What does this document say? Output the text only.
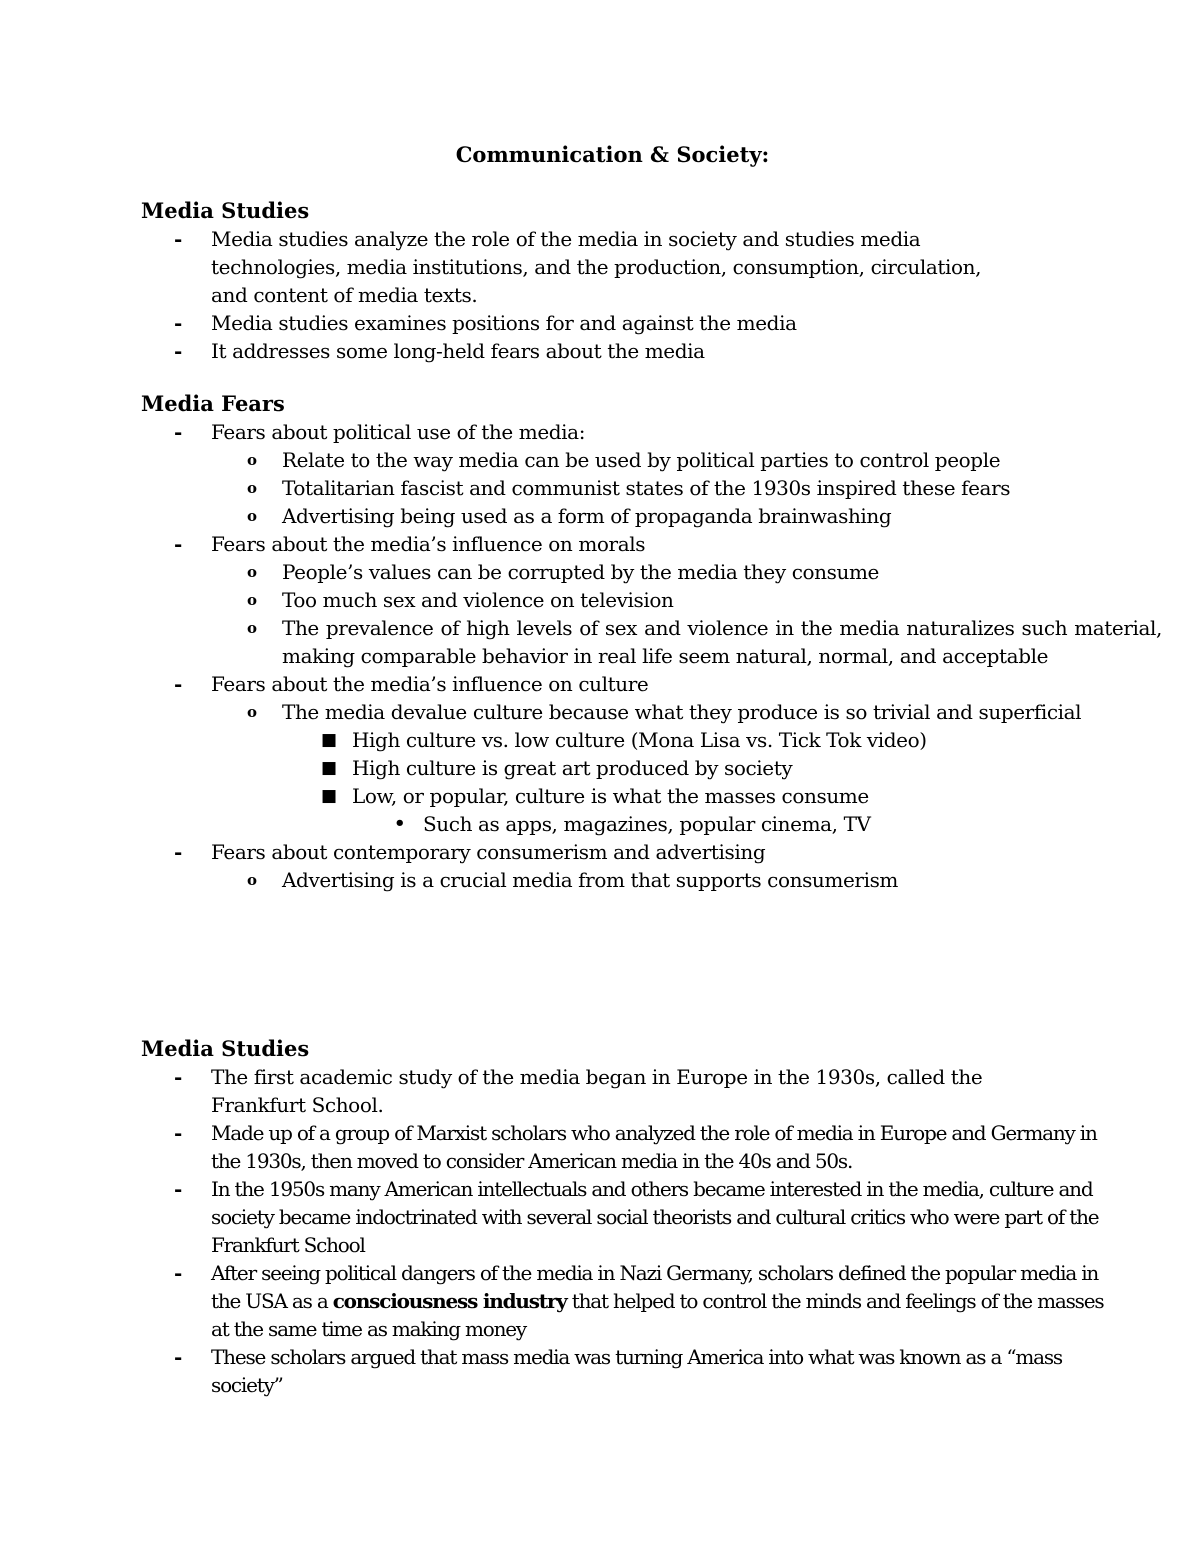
Communication & Society:
Media Studies
- Media studies analyze the role of the media in society and studies media technologies, media institutions, and the production, consumption, circulation, and content of media texts.
- Media studies examines positions for and against the media
- It addresses some long-held fears about the media
Media Fears
- Fears about political use of the media:
o Relate to the way media can be used by political parties to control people
o Totalitarian fascist and communist states of the 1930s inspired these fears
o Advertising being used as a form of propaganda brainwashing
- Fears about the media’s influence on morals
o People’s values can be corrupted by the media they consume
o Too much sex and violence on television
o The prevalence of high levels of sex and violence in the media naturalizes such material, making comparable behavior in real life seem natural, normal, and acceptable
- Fears about the media’s influence on culture
o The media devalue culture because what they produce is so trivial and superficial
■ High culture vs. low culture (Mona Lisa vs. Tick Tok video)
■ High culture is great art produced by society
■ Low, or popular, culture is what the masses consume
• Such as apps, magazines, popular cinema, TV
- Fears about contemporary consumerism and advertising
o Advertising is a crucial media from that supports consumerism
Media Studies
- The first academic study of the media began in Europe in the 1930s, called the Frankfurt School.
- Made up of a group of Marxist scholars who analyzed the role of media in Europe and Germany in the 1930s, then moved to consider American media in the 40s and 50s.
- In the 1950s many American intellectuals and others became interested in the media, culture and society became indoctrinated with several social theorists and cultural critics who were part of the Frankfurt School
- After seeing political dangers of the media in Nazi Germany, scholars defined the popular media in the USA as a consciousness industry that helped to control the minds and feelings of the masses at the same time as making money
- These scholars argued that mass media was turning America into what was known as a “mass society”
